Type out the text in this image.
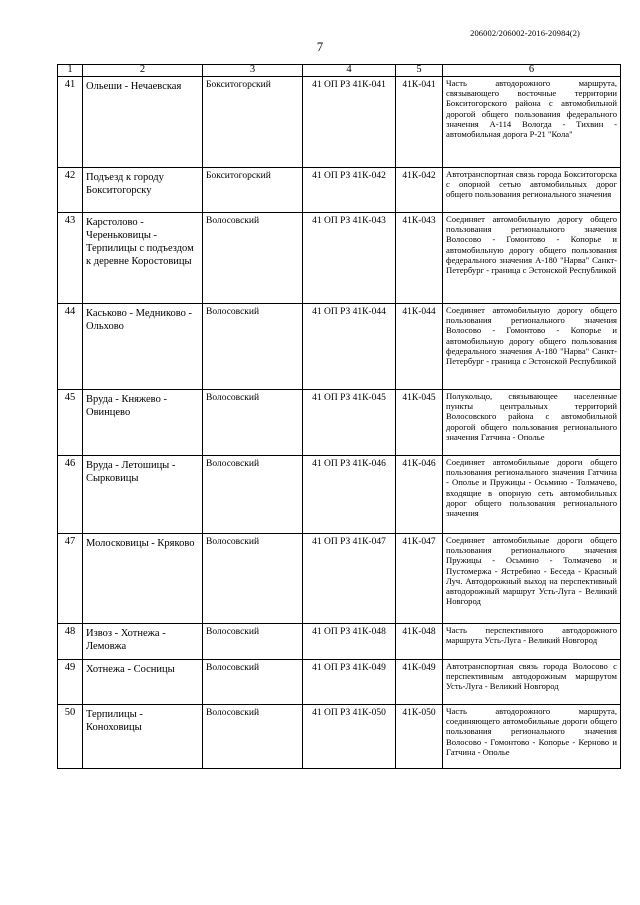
206002/206002-2016-20984(2)
7
1	2	3	4	5	6
41	Ольеши - Нечаевская	Бокситогорский	41 ОП РЗ 41К-041	41К-041	Часть автодорожного маршрута, связывающего восточные территории Бокситогорского района с автомобильной дорогой общего пользования федерального значения А-114 Вологда - Тихвин - автомобильная дорога Р-21 "Кола"
42	Подъезд к городу Бокситогорску	Бокситогорский	41 ОП РЗ 41К-042	41К-042	Автотранспортная связь города Бокситогорска с опорной сетью автомобильных дорог общего пользования регионального значения
43	Карстолово - Череньковицы - Терпилицы с подъездом к деревне Коростовицы	Волосовский	41 ОП РЗ 41К-043	41К-043	Соединяет автомобильную дорогу общего пользования регионального значения Волосово - Гомонтово - Копорье и автомобильную дорогу общего пользования федерального значения А-180 "Нарва" Санкт-Петербург - граница с Эстонской Республикой
44	Каськово - Медниково - Ольхово	Волосовский	41 ОП РЗ 41К-044	41К-044	Соединяет автомобильную дорогу общего пользования регионального значения Волосово - Гомонтово - Копорье и автомобильную дорогу общего пользования федерального значения А-180 "Нарва" Санкт-Петербург - граница с Эстонской Республикой
45	Вруда - Княжево - Овинцево	Волосовский	41 ОП РЗ 41К-045	41К-045	Полукольцо, связывающее населенные пункты центральных территорий Волосовского района с автомобильной дорогой общего пользования регионального значения Гатчина - Ополье
46	Вруда - Летошицы - Сырковицы	Волосовский	41 ОП РЗ 41К-046	41К-046	Соединяет автомобильные дороги общего пользования регионального значения Гатчина - Ополье и Пружицы - Осьмино - Толмачево, входящие в опорную сеть автомобильных дорог общего пользования регионального значения
47	Молосковицы - Кряково	Волосовский	41 ОП РЗ 41К-047	41К-047	Соединяет автомобильные дороги общего пользования регионального значения Пружицы - Осьмино - Толмачево и Пустомержа - Ястребино - Беседа - Красный Луч. Автодорожный выход на перспективный автодорожный маршрут Усть-Луга - Великий Новгород
48	Извоз - Хотнежа - Лемовжа	Волосовский	41 ОП РЗ 41К-048	41К-048	Часть перспективного автодорожного маршрута Усть-Луга - Великий Новгород
49	Хотнежа - Сосницы	Волосовский	41 ОП РЗ 41К-049	41К-049	Автотранспортная связь города Волосово с перспективным автодорожным маршрутом Усть-Луга - Великий Новгород
50	Терпилицы - Коноховицы	Волосовский	41 ОП РЗ 41К-050	41К-050	Часть автодорожного маршрута, соединяющего автомобильные дороги общего пользования регионального значения Волосово - Гомонтово - Копорье - Керново и Гатчина - Ополье
